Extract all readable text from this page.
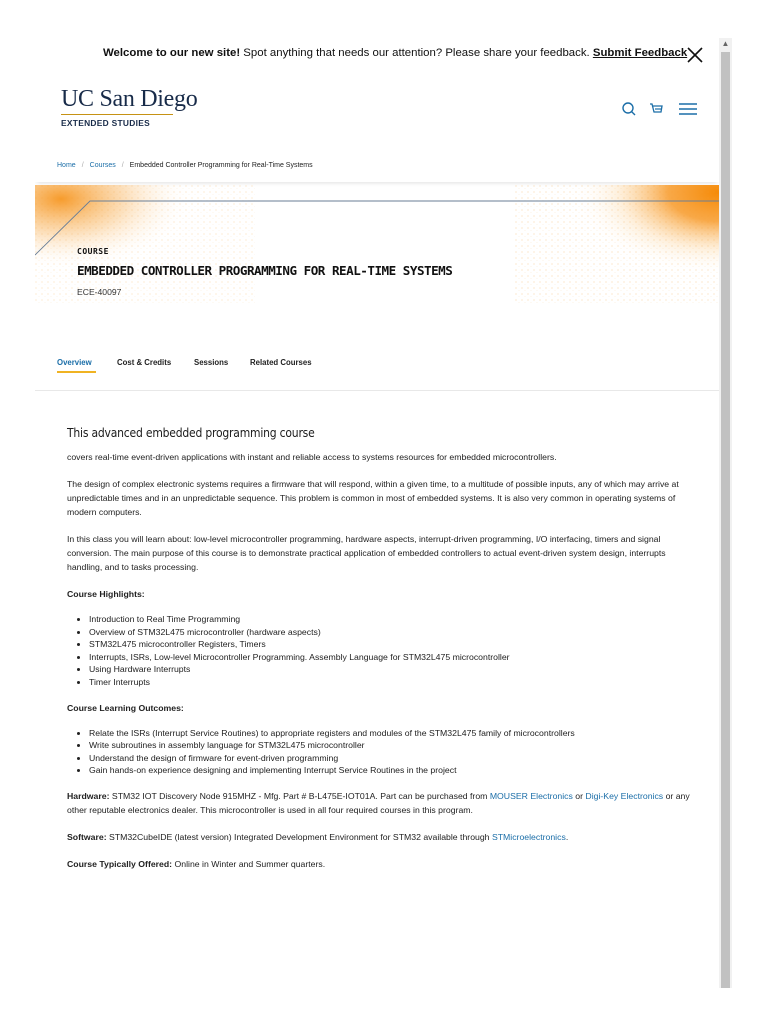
Welcome to our new site! Spot anything that needs our attention? Please share your feedback. Submit Feedback
UC San Diego
EXTENDED STUDIES
Home / Courses / Embedded Controller Programming for Real-Time Systems
COURSE
EMBEDDED CONTROLLER PROGRAMMING FOR REAL-TIME SYSTEMS
ECE-40097
Overview	Cost & Credits	Sessions	Related Courses
This advanced embedded programming course

covers real-time event-driven applications with instant and reliable access to systems resources for embedded microcontrollers.

The design of complex electronic systems requires a firmware that will respond, within a given time, to a multitude of possible inputs, any of which may arrive at unpredictable times and in an unpredictable sequence. This problem is common in most of embedded systems. It is also very common in operating systems of modern computers.

In this class you will learn about: low-level microcontroller programming, hardware aspects, interrupt-driven programming, I/O interfacing, timers and signal conversion. The main purpose of this course is to demonstrate practical application of embedded controllers to actual event-driven system design, interrupts handling, and to tasks processing.

Course Highlights:
• Introduction to Real Time Programming
• Overview of STM32L475 microcontroller (hardware aspects)
• STM32L475 microcontroller Registers, Timers
• Interrupts, ISRs, Low-level Microcontroller Programming. Assembly Language for STM32L475 microcontroller
• Using Hardware Interrupts
• Timer Interrupts
Course Learning Outcomes:
• Relate the ISRs (Interrupt Service Routines) to appropriate registers and modules of the STM32L475 family of microcontrollers
• Write subroutines in assembly language for STM32L475 microcontroller
• Understand the design of firmware for event-driven programming
• Gain hands-on experience designing and implementing Interrupt Service Routines in the project

Hardware: STM32 IOT Discovery Node 915MHZ - Mfg. Part # B-L475E-IOT01A. Part can be purchased from MOUSER Electronics or Digi-Key Electronics or any other reputable electronics dealer. This microcontroller is used in all four required courses in this program.

Software: STM32CubeIDE (latest version) Integrated Development Environment for STM32 available through STMicroelectronics.

Course Typically Offered: Online in Winter and Summer quarters.

▲
